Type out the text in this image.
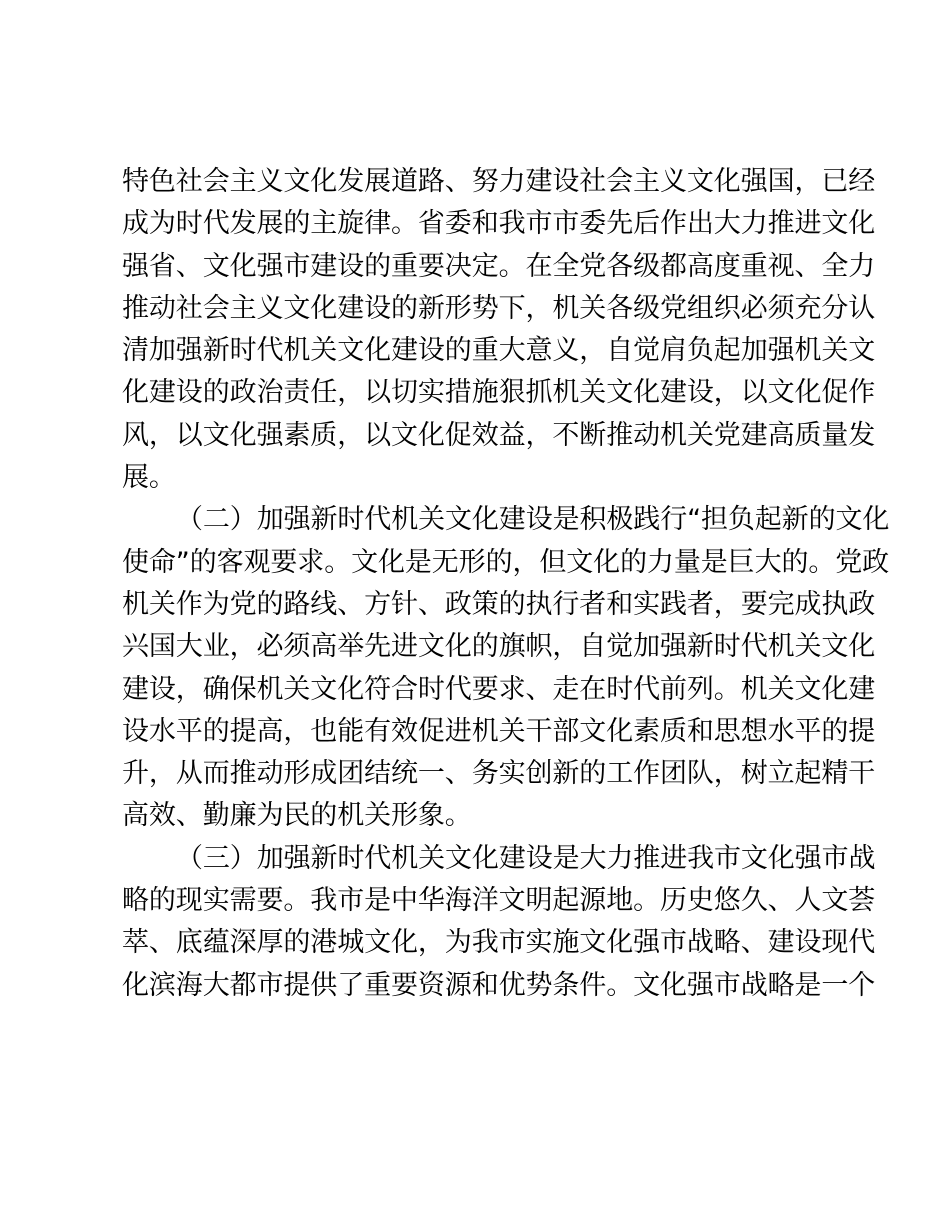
特色社会主义文化发展道路、努力建设社会主义文化强国，已经
成为时代发展的主旋律。省委和我市市委先后作出大力推进文化
强省、文化强市建设的重要决定。在全党各级都高度重视、全力
推动社会主义文化建设的新形势下，机关各级党组织必须充分认
清加强新时代机关文化建设的重大意义，自觉肩负起加强机关文
化建设的政治责任，以切实措施狠抓机关文化建设，以文化促作
风，以文化强素质，以文化促效益，不断推动机关党建高质量发
展。

（二）加强新时代机关文化建设是积极践行“担负起新的文化
使命”的客观要求。文化是无形的，但文化的力量是巨大的。党政
机关作为党的路线、方针、政策的执行者和实践者，要完成执政
兴国大业，必须高举先进文化的旗帜，自觉加强新时代机关文化
建设，确保机关文化符合时代要求、走在时代前列。机关文化建
设水平的提高，也能有效促进机关干部文化素质和思想水平的提
升，从而推动形成团结统一、务实创新的工作团队，树立起精干
高效、勤廉为民的机关形象。

（三）加强新时代机关文化建设是大力推进我市文化强市战
略的现实需要。我市是中华海洋文明起源地。历史悠久、人文荟
萃、底蕴深厚的港城文化，为我市实施文化强市战略、建设现代
化滨海大都市提供了重要资源和优势条件。文化强市战略是一个
